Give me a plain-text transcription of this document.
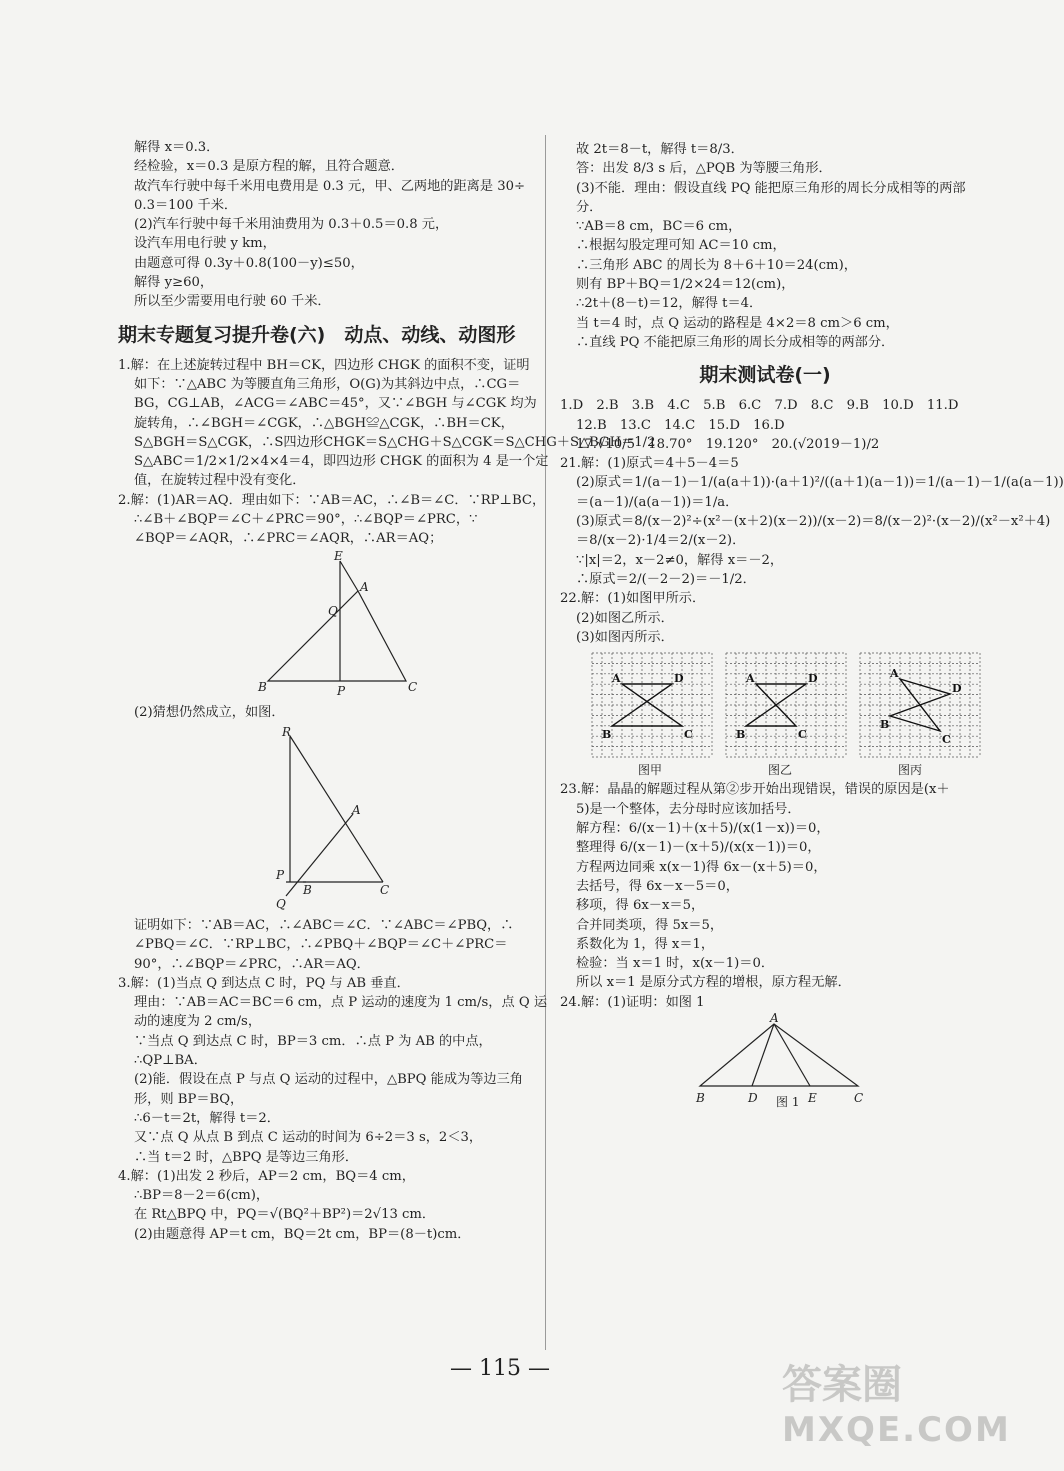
解得 x＝0.3．
经检验，x＝0.3 是原方程的解，且符合题意．
故汽车行驶中每千米用电费用是 0.3 元，甲、乙两地的距离是 30÷
0.3＝100 千米．
(2)汽车行驶中每千米用油费用为 0.3＋0.5＝0.8 元，
设汽车用电行驶 y km，
由题意可得 0.3y＋0.8(100－y)≤50，
解得 y≥60，
所以至少需要用电行驶 60 千米．
期末专题复习提升卷(六)　动点、动线、动图形
1.解：在上述旋转过程中 BH＝CK，四边形 CHGK 的面积不变，证明
如下：∵△ABC 为等腰直角三角形，O(G)为其斜边中点，∴CG＝
BG，CG⊥AB，∠ACG＝∠ABC＝45°，又∵∠BGH 与∠CGK 均为
旋转角，∴∠BGH＝∠CGK，∴△BGH≌△CGK，∴BH＝CK，
S△BGH＝S△CGK，∴S四边形CHGK＝S△CHG＋S△CGK＝S△CHG＋S△BGH＝1/2
S△ABC＝1/2×1/2×4×4＝4，即四边形 CHGK 的面积为 4 是一个定
值，在旋转过程中没有变化．
2.解：(1)AR＝AQ．理由如下：∵AB＝AC，∴∠B＝∠C．∵RP⊥BC，
∴∠B＋∠BQP＝∠C＋∠PRC＝90°，∴∠BQP＝∠PRC，∵
∠BQP＝∠AQR，∴∠PRC＝∠AQR，∴AR＝AQ；
E
A
Q
B	P	C
(2)猜想仍然成立，如图．
R
A
P
B
Q
C
证明如下：∵AB＝AC，∴∠ABC＝∠C．∵∠ABC＝∠PBQ，∴
∠PBQ＝∠C．∵RP⊥BC，∴∠PBQ＋∠BQP＝∠C＋∠PRC＝
90°，∴∠BQP＝∠PRC，∴AR＝AQ．
3.解：(1)当点 Q 到达点 C 时，PQ 与 AB 垂直．
理由：∵AB＝AC＝BC＝6 cm，点 P 运动的速度为 1 cm/s，点 Q 运
动的速度为 2 cm/s，
∵当点 Q 到达点 C 时，BP＝3 cm．∴点 P 为 AB 的中点，
∴QP⊥BA．
(2)能．假设在点 P 与点 Q 运动的过程中，△BPQ 能成为等边三角
形，则 BP＝BQ，
∴6－t＝2t，解得 t＝2．
又∵点 Q 从点 B 到点 C 运动的时间为 6÷2＝3 s，2＜3，
∴当 t＝2 时，△BPQ 是等边三角形．
4.解：(1)出发 2 秒后，AP＝2 cm，BQ＝4 cm，
∴BP＝8－2＝6(cm)，
在 Rt△BPQ 中，PQ＝√(BQ²＋BP²)＝2√13 cm．
(2)由题意得 AP＝t cm，BQ＝2t cm，BP＝(8－t)cm．
故 2t＝8－t，解得 t＝8/3．
答：出发 8/3 s 后，△PQB 为等腰三角形．
(3)不能．理由：假设直线 PQ 能把原三角形的周长分成相等的两部
分．
∵AB＝8 cm，BC＝6 cm，
∴根据勾股定理可知 AC＝10 cm，
∴三角形 ABC 的周长为 8＋6＋10＝24(cm)，
则有 BP＋BQ＝1/2×24＝12(cm)，
∴2t＋(8－t)＝12，解得 t＝4．
当 t＝4 时，点 Q 运动的路程是 4×2＝8 cm＞6 cm，
∴直线 PQ 不能把原三角形的周长分成相等的两部分．
期末测试卷(一)
1.D　2.B　3.B　4.C　5.B　6.C　7.D　8.C　9.B　10.D　11.D
12.B　13.C　14.C　15.D　16.D
17.√10/5　18.70°　19.120°　20.(√2019－1)/2
21.解：(1)原式＝4＋5－4＝5
(2)原式＝1/(a－1)－1/(a(a＋1))·(a＋1)²/((a＋1)(a－1))＝1/(a－1)－1/(a(a－1))
＝(a－1)/(a(a－1))＝1/a．
(3)原式＝8/(x－2)²÷(x²－(x＋2)(x－2))/(x－2)＝8/(x－2)²·(x－2)/(x²－x²＋4)
＝8/(x－2)·1/4＝2/(x－2)．
∵|x|＝2，x－2≠0，解得 x＝－2，
∴原式＝2/(－2－2)＝－1/2．
22.解：(1)如图甲所示．
(2)如图乙所示．
(3)如图丙所示．
A	D
B	C
A	D
B	C
A
D
B
C
图甲	图乙	图丙
23.解：晶晶的解题过程从第②步开始出现错误，错误的原因是(x＋
5)是一个整体，去分母时应该加括号．
解方程：6/(x－1)＋(x＋5)/(x(1－x))＝0，
整理得 6/(x－1)－(x＋5)/(x(x－1))＝0，
方程两边同乘 x(x－1)得 6x－(x＋5)＝0，
去括号，得 6x－x－5＝0，
移项，得 6x－x＝5，
合并同类项，得 5x＝5，
系数化为 1，得 x＝1，
检验：当 x＝1 时，x(x－1)＝0．
所以 x＝1 是原分式方程的增根，原方程无解．
24.解：(1)证明：如图 1
A
B	D	E	C
图 1
— 115 —	答案圈
MXQE.COM
